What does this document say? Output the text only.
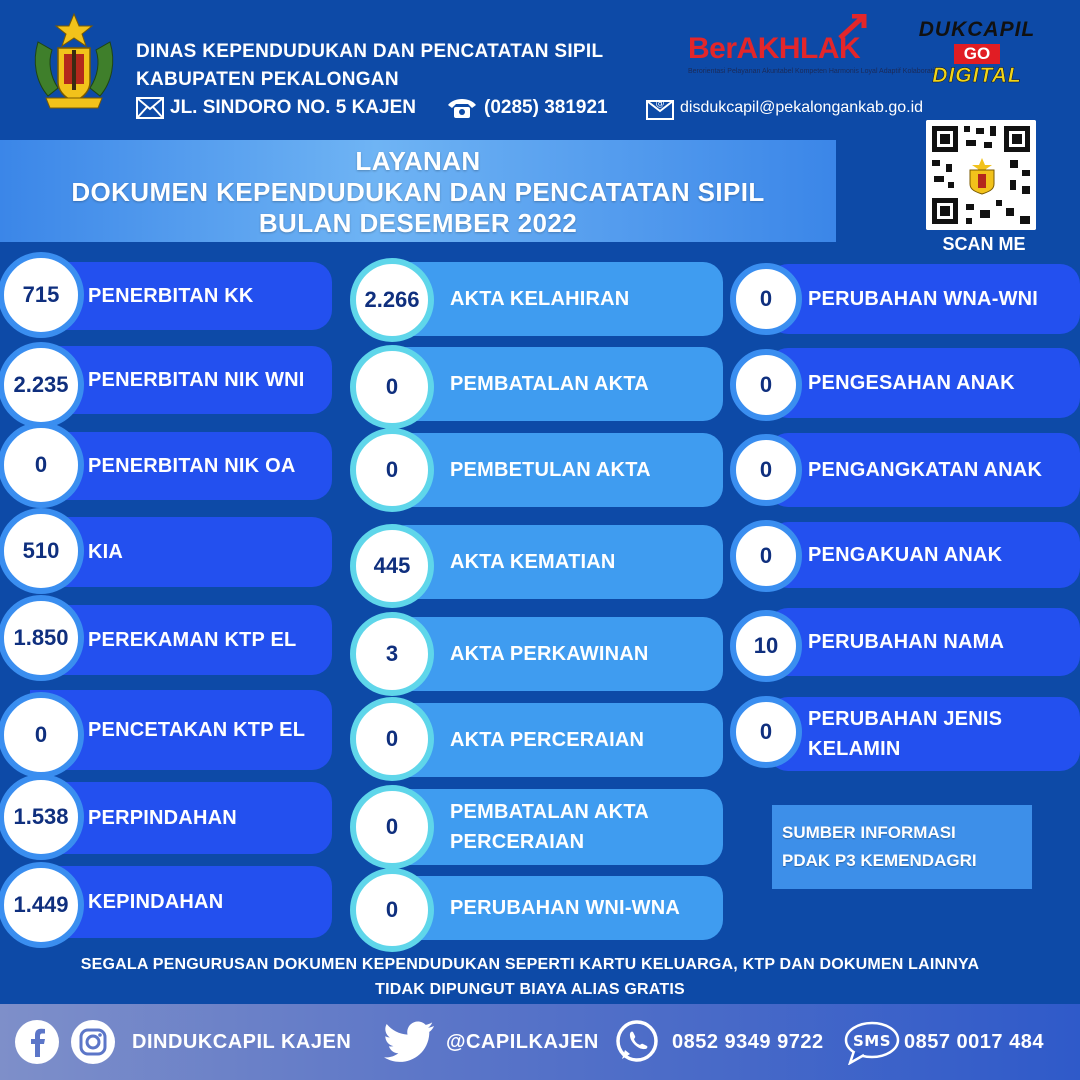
DINAS KEPENDUDUKAN DAN PENCATATAN SIPIL
KABUPATEN PEKALONGAN
JL. SINDORO NO. 5 KAJEN	(0285) 381921	@ disdukcapil@pekalongankab.go.id
BerAKHLAK
Berorientasi Pelayanan Akuntabel Kompeten Harmonis Loyal Adaptif Kolaboratif
DUKCAPIL
GO
DIGITAL
SCAN ME
LAYANAN
DOKUMEN KEPENDUDUKAN DAN PENCATATAN SIPIL
BULAN DESEMBER 2022
PENERBITAN KK
715
PENERBITAN NIK WNI
2.235
PENERBITAN NIK OA
0
KIA
510
PEREKAMAN KTP EL
1.850
PENCETAKAN KTP EL
0
PERPINDAHAN
1.538
KEPINDAHAN
1.449
AKTA KELAHIRAN
2.266
PEMBATALAN AKTA
0
PEMBETULAN AKTA
0
AKTA KEMATIAN
445
AKTA PERKAWINAN
3
AKTA PERCERAIAN
0
PEMBATALAN AKTA PERCERAIAN
0
PERUBAHAN WNI-WNA
0
PERUBAHAN WNA-WNI
0
PENGESAHAN ANAK
0
PENGANGKATAN ANAK
0
PENGAKUAN ANAK
0
PERUBAHAN NAMA
10
PERUBAHAN JENIS KELAMIN
0
SUMBER INFORMASI
PDAK P3 KEMENDAGRI
SEGALA PENGURUSAN DOKUMEN KEPENDUDUKAN SEPERTI KARTU KELUARGA, KTP DAN DOKUMEN LAINNYA
TIDAK DIPUNGUT BIAYA ALIAS GRATIS
DINDUKCAPIL KAJEN	@CAPILKAJEN	0852 9349 9722 SMS 0857 0017 484
